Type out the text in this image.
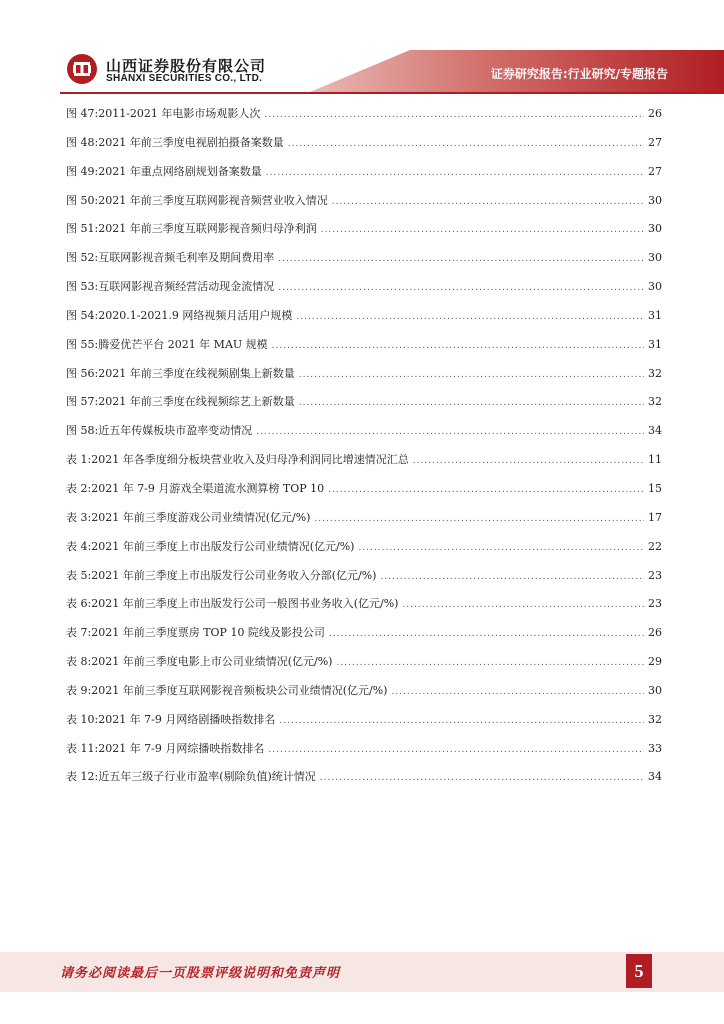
山西证券股份有限公司
SHANXI SECURITIES CO., LTD.	证券研究报告:行业研究/专题报告
图 47:2011-2021 年电影市场观影人次 .....	26
图 48:2021 年前三季度电视剧拍摄备案数量 .....	27
图 49:2021 年重点网络剧规划备案数量 .....	27
图 50:2021 年前三季度互联网影视音频营业收入情况 .....	30
图 51:2021 年前三季度互联网影视音频归母净利润 .....	30
图 52:互联网影视音频毛利率及期间费用率 .....	30
图 53:互联网影视音频经营活动现金流情况 .....	30
图 54:2020.1-2021.9 网络视频月活用户规模 .....	31
图 55:腾爱优芒平台 2021 年 MAU 规模 .....	31
图 56:2021 年前三季度在线视频剧集上新数量 .....	32
图 57:2021 年前三季度在线视频综艺上新数量 .....	32
图 58:近五年传媒板块市盈率变动情况 .....	34
表 1:2021 年各季度细分板块营业收入及归母净利润同比增速情况汇总 .....	11
表 2:2021 年 7-9 月游戏全渠道流水测算榜 TOP 10 .....	15
表 3:2021 年前三季度游戏公司业绩情况(亿元/%) .....	17
表 4:2021 年前三季度上市出版发行公司业绩情况(亿元/%) .....	22
表 5:2021 年前三季度上市出版发行公司业务收入分部(亿元/%) .....	23
表 6:2021 年前三季度上市出版发行公司一般图书业务收入(亿元/%) .....	23
表 7:2021 年前三季度票房 TOP 10 院线及影投公司 .....	26
表 8:2021 年前三季度电影上市公司业绩情况(亿元/%) .....	29
表 9:2021 年前三季度互联网影视音频板块公司业绩情况(亿元/%) .....	30
表 10:2021 年 7-9 月网络剧播映指数排名 .....	32
表 11:2021 年 7-9 月网综播映指数排名 .....	33
表 12:近五年三级子行业市盈率(剔除负值)统计情况 .....	34
请务必阅读最后一页股票评级说明和免责声明	5
